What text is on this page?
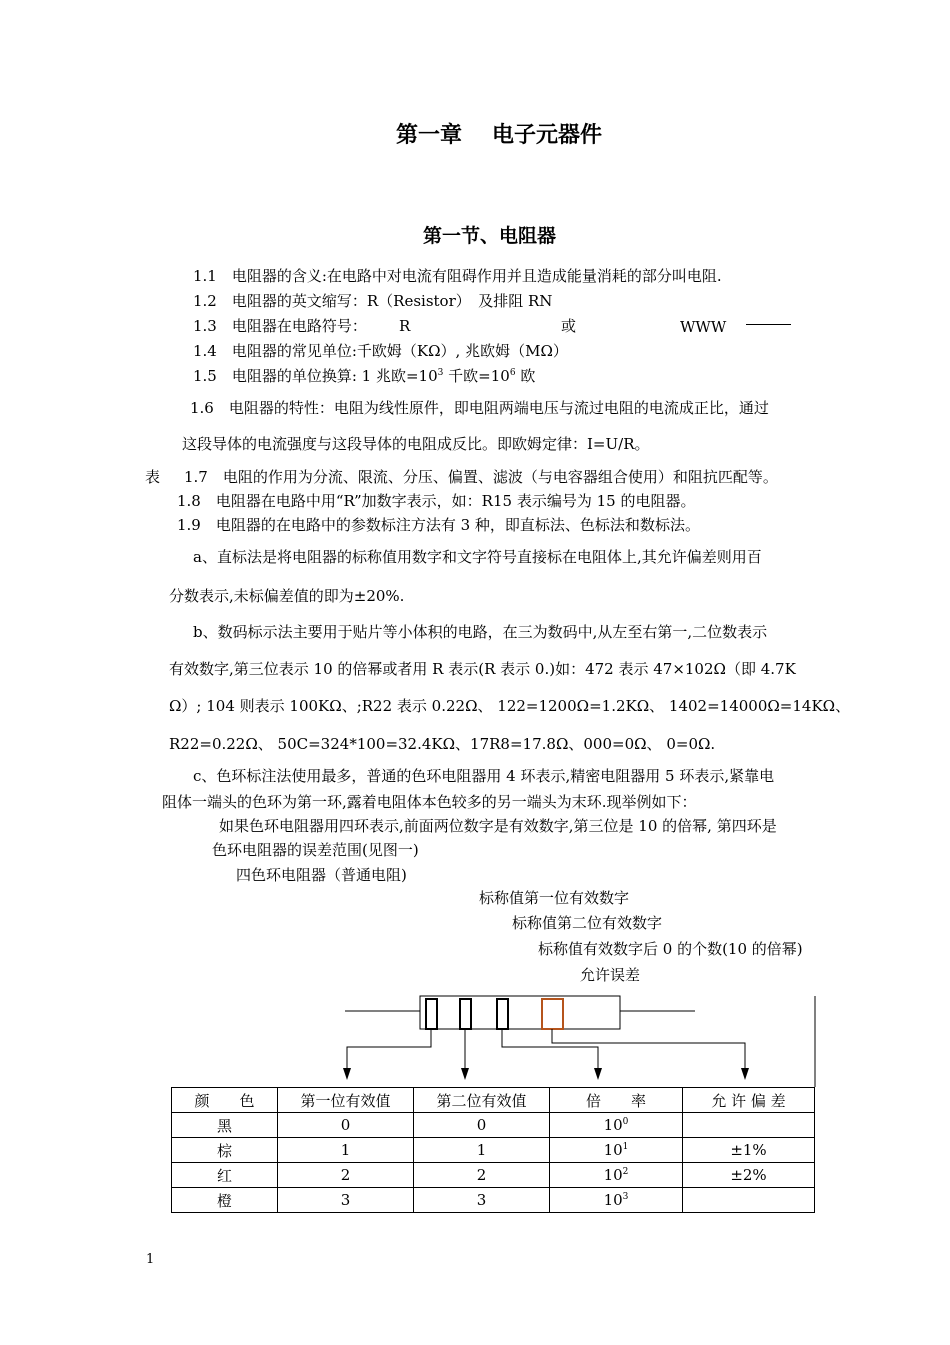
第一章 电子元器件
第一节、电阻器
1.1　电阻器的含义:在电路中对电流有阻碍作用并且造成能量消耗的部分叫电阻.
1.2　电阻器的英文缩写：R（Resistor）　及排阻 RN
1.3　电阻器在电路符号： R	或	WWW
1.4　电阻器的常见单位:千欧姆（KΩ）, 兆欧姆（MΩ）
1.5　电阻器的单位换算: 1 兆欧$=10^3$ 千欧$=10^6$ 欧
1.6　电阻器的特性：电阻为线性原件，即电阻两端电压与流过电阻的电流成正比，通过
这段导体的电流强度与这段导体的电阻成反比。即欧姆定律：I=U/R。
表 1.7　电阻的作用为分流、限流、分压、偏置、滤波（与电容器组合使用）和阻抗匹配等。
1.8　电阻器在电路中用“R”加数字表示，如：R15 表示编号为 15 的电阻器。
1.9　电阻器的在电路中的参数标注方法有 3 种，即直标法、色标法和数标法。
a、直标法是将电阻器的标称值用数字和文字符号直接标在电阻体上,其允许偏差则用百
分数表示,未标偏差值的即为±20%.
b、数码标示法主要用于贴片等小体积的电路，在三为数码中,从左至右第一,二位数表示
有效数字,第三位表示 10 的倍幂或者用 R 表示(R 表示 0.)如：472 表示 47×102Ω（即 4.7K
Ω）; 104 则表示 100KΩ、;R22 表示 0.22Ω、 122=1200Ω=1.2KΩ、 1402=14000Ω=14KΩ、
R22=0.22Ω、 50C=324*100=32.4KΩ、17R8=17.8Ω、000=0Ω、 0=0Ω.
c、色环标注法使用最多，普通的色环电阻器用 4 环表示,精密电阻器用 5 环表示,紧靠电
阻体一端头的色环为第一环,露着电阻体本色较多的另一端头为末环.现举例如下：
如果色环电阻器用四环表示,前面两位数字是有效数字,第三位是 10 的倍幂, 第四环是
色环电阻器的误差范围(见图一)
四色环电阻器（普通电阻)
标称值第一位有效数字
标称值第二位有效数字
标称值有效数字后 0 的个数(10 的倍幂)
允许误差
颜　　色	第一位有效值	第二位有效值	倍　　率	允 许 偏 差
黑	0	0	$10^0$	
棕	1	1	$10^1$	±1%
红	2	2	$10^2$	±2%
橙	3	3	$10^3$	
1
